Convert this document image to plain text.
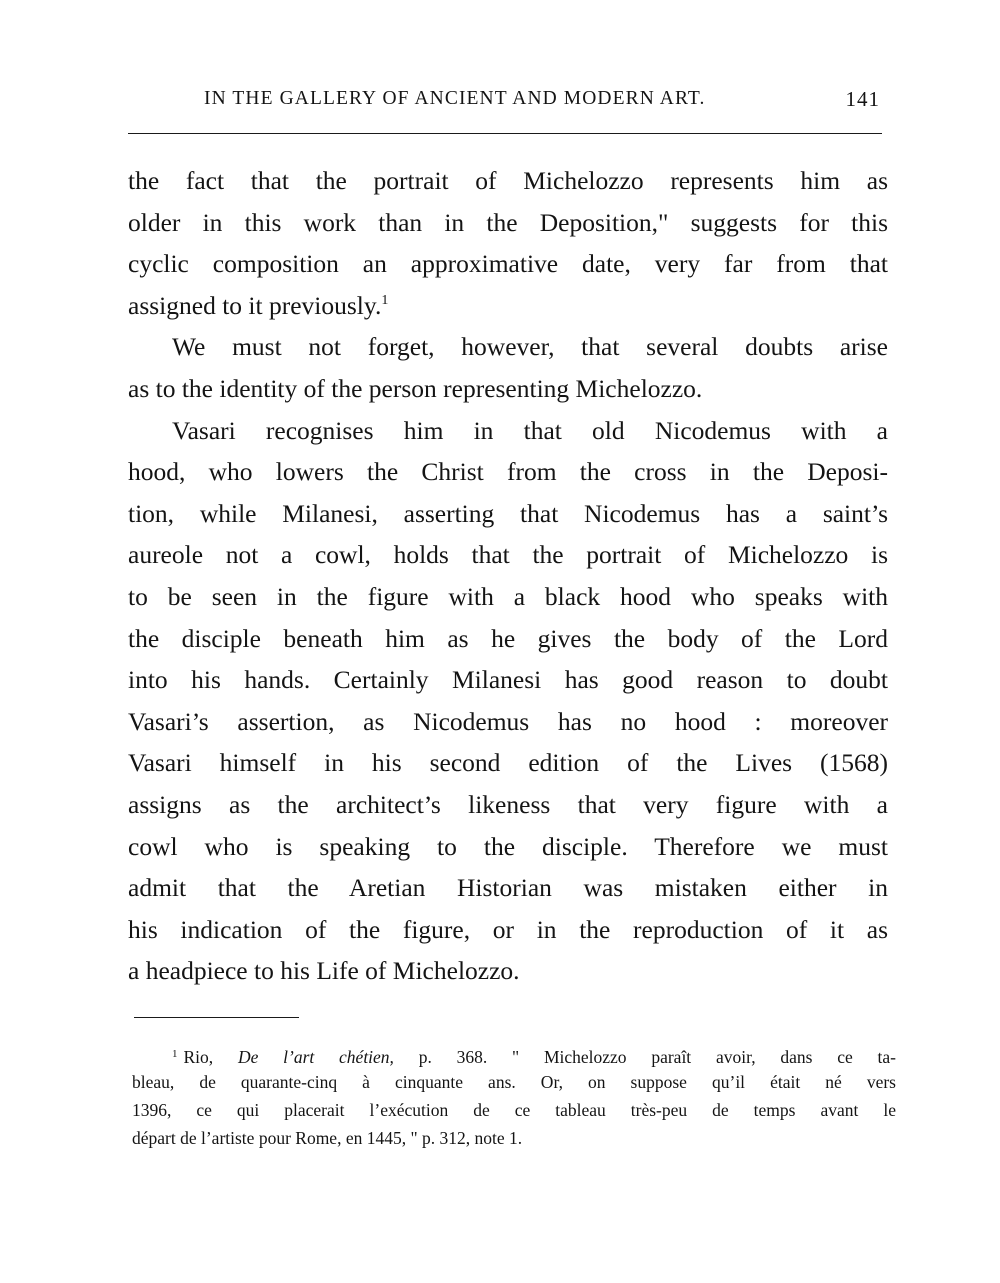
IN THE GALLERY OF ANCIENT AND MODERN ART.	141
the fact that the portrait of Michelozzo represents him as
older in this work than in the Deposition," suggests for this
cyclic composition an approximative date, very far from that
assigned to it previously.$^1$
We must not forget, however, that several doubts arise
as to the identity of the person representing Michelozzo.
Vasari recognises him in that old Nicodemus with a
hood, who lowers the Christ from the cross in the Deposi-
tion, while Milanesi, asserting that Nicodemus has a saint’s
aureole not a cowl, holds that the portrait of Michelozzo is
to be seen in the figure with a black hood who speaks with
the disciple beneath him as he gives the body of the Lord
into his hands. Certainly Milanesi has good reason to doubt
Vasari’s assertion, as Nicodemus has no hood : moreover
Vasari himself in his second edition of the Lives (1568)
assigns as the architect’s likeness that very figure with a
cowl who is speaking to the disciple. Therefore we must
admit that the Aretian Historian was mistaken either in
his indication of the figure, or in the reproduction of it as
a headpiece to his Life of Michelozzo.
$^1$ Rio, De l’art chétien, p. 368. " Michelozzo paraît avoir, dans ce ta-
bleau, de quarante-cinq à cinquante ans. Or, on suppose qu’il était né vers
1396, ce qui placerait l’exécution de ce tableau très-peu de temps avant le
départ de l’artiste pour Rome, en 1445, " p. 312, note 1.
